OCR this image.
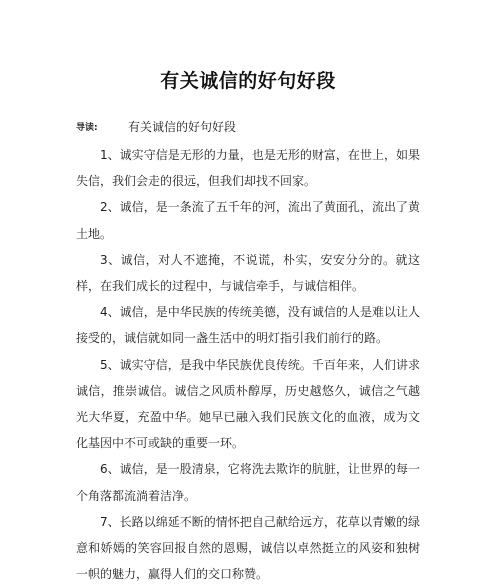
有关诚信的好句好段
导读:	有关诚信的好句好段

1、诚实守信是无形的力量，也是无形的财富，在世上，如果失信，我们会走的很远，但我们却找不回家。

2、诚信，是一条流了五千年的河，流出了黄面孔，流出了黄土地。

3、诚信，对人不遮掩，不说谎，朴实，安安分分的。就这样，在我们成长的过程中，与诚信牵手，与诚信相伴。

4、诚信，是中华民族的传统美德，没有诚信的人是难以让人接受的，诚信就如同一盏生活中的明灯指引我们前行的路。

5、诚实守信，是我中华民族优良传统。千百年来，人们讲求诚信，推崇诚信。诚信之风质朴醇厚，历史越悠久，诚信之气越光大华夏，充盈中华。她早已融入我们民族文化的血液，成为文化基因中不可或缺的重要一环。

6、诚信，是一股清泉，它将洗去欺诈的肮脏，让世界的每一个角落都流淌着洁净。

7、长路以绵延不断的情怀把自己献给远方，花草以青嫩的绿意和娇嫣的笑容回报自然的恩赐，诚信以卓然挺立的风姿和独树一帜的魅力，赢得人们的交口称赞。
